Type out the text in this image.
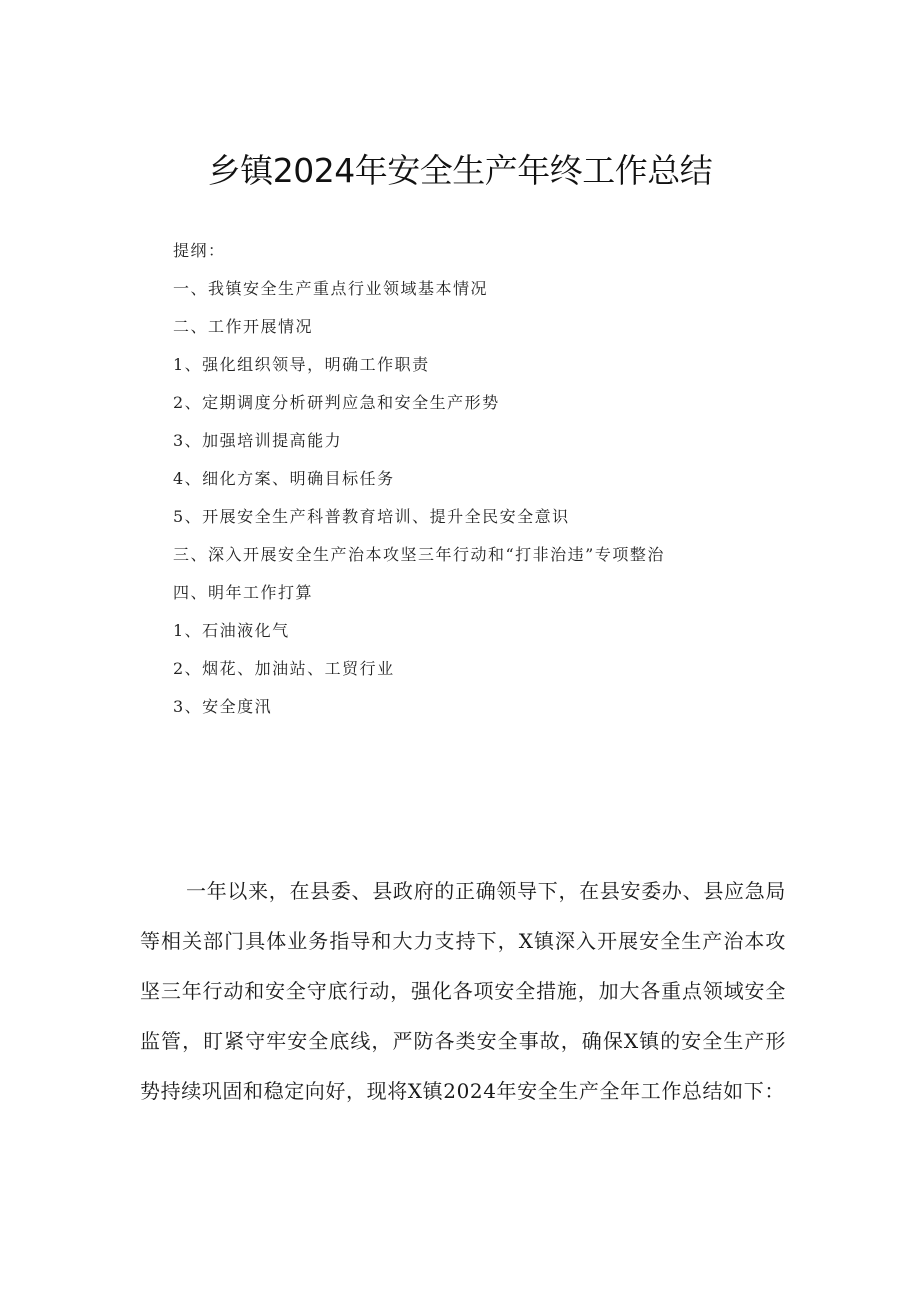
乡镇2024年安全生产年终工作总结
提纲：
一、我镇安全生产重点行业领域基本情况
二、工作开展情况
1、强化组织领导，明确工作职责
2、定期调度分析研判应急和安全生产形势
3、加强培训提高能力
4、细化方案、明确目标任务
5、开展安全生产科普教育培训、提升全民安全意识
三、深入开展安全生产治本攻坚三年行动和“打非治违”专项整治
四、明年工作打算
1、石油液化气
2、烟花、加油站、工贸行业
3、安全度汛

一年以来，在县委、县政府的正确领导下，在县安委办、县应急局等相关部门具体业务指导和大力支持下，X镇深入开展安全生产治本攻坚三年行动和安全守底行动，强化各项安全措施，加大各重点领域安全监管，盯紧守牢安全底线，严防各类安全事故，确保X镇的安全生产形势持续巩固和稳定向好，现将X镇2024年安全生产全年工作总结如下：
